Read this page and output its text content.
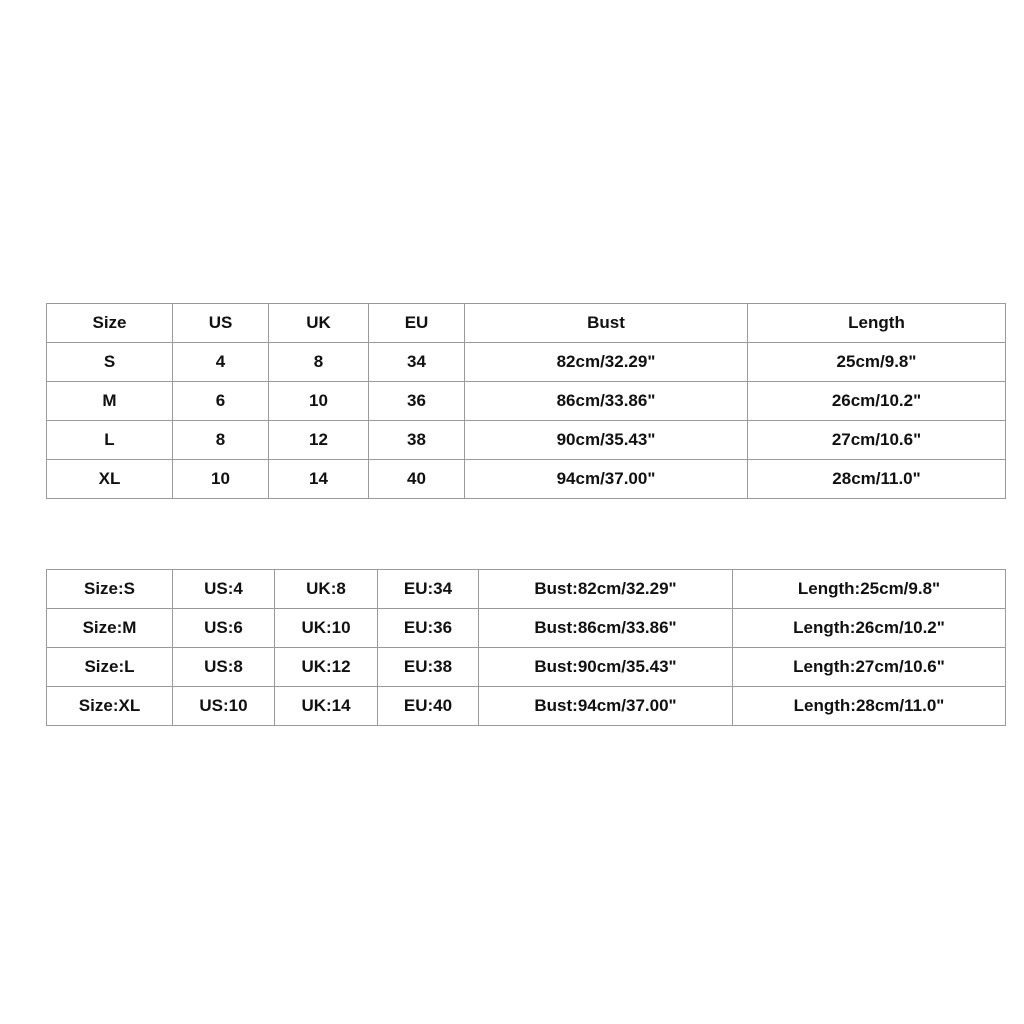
Size	US	UK	EU	Bust	Length
S	4	8	34	82cm/32.29"	25cm/9.8"
M	6	10	36	86cm/33.86"	26cm/10.2"
L	8	12	38	90cm/35.43"	27cm/10.6"
XL	10	14	40	94cm/37.00"	28cm/11.0"
Size:S	US:4	UK:8	EU:34	Bust:82cm/32.29"	Length:25cm/9.8"
Size:M	US:6	UK:10	EU:36	Bust:86cm/33.86"	Length:26cm/10.2"
Size:L	US:8	UK:12	EU:38	Bust:90cm/35.43"	Length:27cm/10.6"
Size:XL	US:10	UK:14	EU:40	Bust:94cm/37.00"	Length:28cm/11.0"
